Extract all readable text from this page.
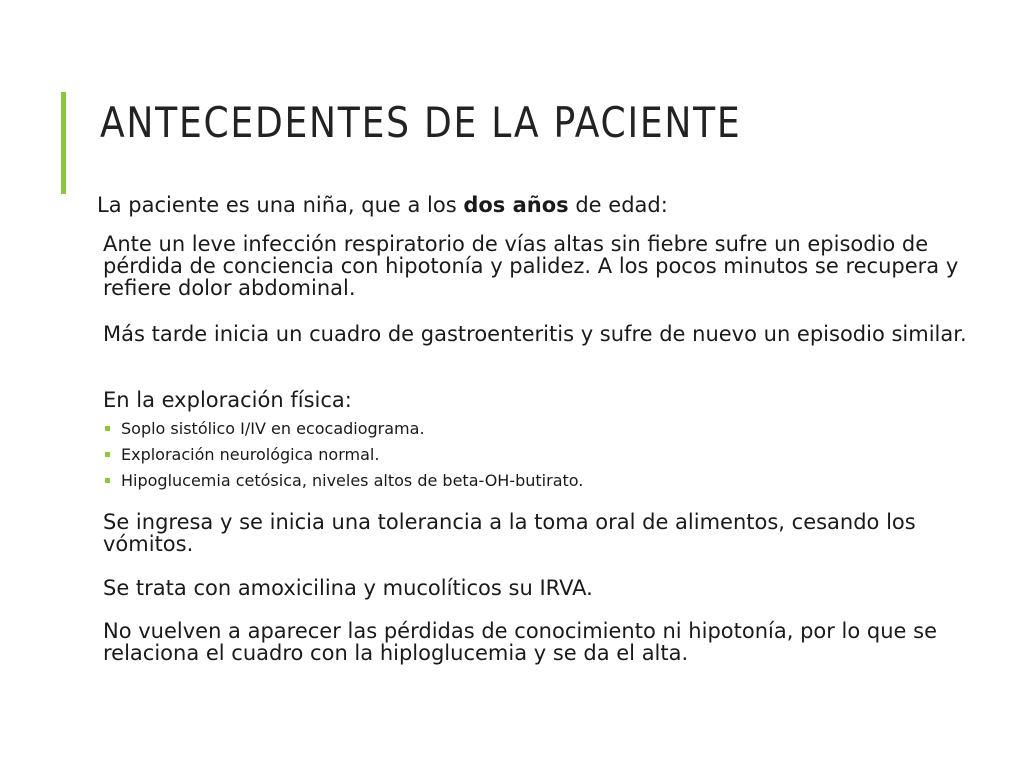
ANTECEDENTES DE LA PACIENTE

La paciente es una niña, que a los dos años de edad:

Ante un leve infección respiratorio de vías altas sin fiebre sufre un episodio de pérdida de conciencia con hipotonía y palidez. A los pocos minutos se recupera y refiere dolor abdominal.

Más tarde inicia un cuadro de gastroenteritis y sufre de nuevo un episodio similar.

En la exploración física:

Soplo sistólico I/IV en ecocadiograma.
Exploración neurológica normal.
Hipoglucemia cetósica, niveles altos de beta-OH-butirato.

Se ingresa y se inicia una tolerancia a la toma oral de alimentos, cesando los vómitos.

Se trata con amoxicilina y mucolíticos su IRVA.

No vuelven a aparecer las pérdidas de conocimiento ni hipotonía, por lo que se relaciona el cuadro con la hiploglucemia y se da el alta.
